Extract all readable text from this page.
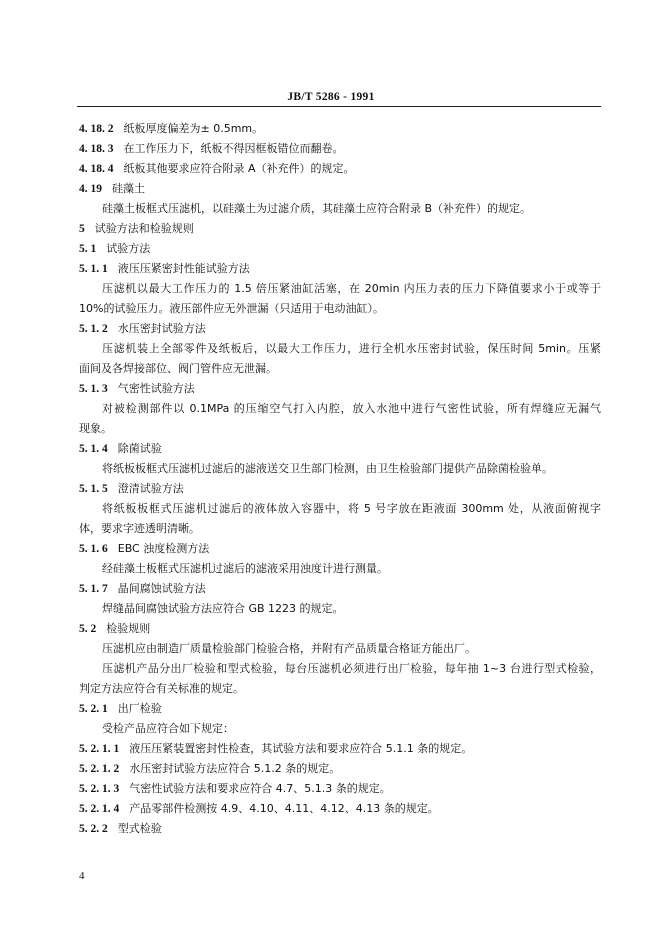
JB/T 5286 - 1991
4. 18. 2 纸板厚度偏差为± 0.5mm。
4. 18. 3 在工作压力下，纸板不得因框板错位而翻卷。
4. 18. 4 纸板其他要求应符合附录 A（补充件）的规定。
4. 19 硅藻土
硅藻土板框式压滤机，以硅藻土为过滤介质，其硅藻土应符合附录 B（补充件）的规定。
5 试验方法和检验规则
5. 1 试验方法
5. 1. 1 液压压紧密封性能试验方法
压滤机以最大工作压力的 1.5 倍压紧油缸活塞，在 20min 内压力表的压力下降值要求小于或等于
10%的试验压力。液压部件应无外泄漏（只适用于电动油缸）。
5. 1. 2 水压密封试验方法
压滤机装上全部零件及纸板后，以最大工作压力，进行全机水压密封试验，保压时间 5min。压紧
面间及各焊接部位、阀门管件应无泄漏。
5. 1. 3 气密性试验方法
对被检测部件以 0.1MPa 的压缩空气打入内腔，放入水池中进行气密性试验，所有焊缝应无漏气
现象。
5. 1. 4 除菌试验
将纸板板框式压滤机过滤后的滤液送交卫生部门检测，由卫生检验部门提供产品除菌检验单。
5. 1. 5 澄清试验方法
将纸板板框式压滤机过滤后的液体放入容器中，将 5 号字放在距液面 300mm 处，从液面俯视字
体，要求字迹透明清晰。
5. 1. 6 EBC 浊度检测方法
经硅藻土板框式压滤机过滤后的滤液采用浊度计进行测量。
5. 1. 7 晶间腐蚀试验方法
焊缝晶间腐蚀试验方法应符合 GB 1223 的规定。
5. 2 检验规则
压滤机应由制造厂质量检验部门检验合格，并附有产品质量合格证方能出厂。
压滤机产品分出厂检验和型式检验，每台压滤机必须进行出厂检验，每年抽 1~3 台进行型式检验，
判定方法应符合有关标准的规定。
5. 2. 1 出厂检验
受检产品应符合如下规定：
5. 2. 1. 1 液压压紧装置密封性检查，其试验方法和要求应符合 5.1.1 条的规定。
5. 2. 1. 2 水压密封试验方法应符合 5.1.2 条的规定。
5. 2. 1. 3 气密性试验方法和要求应符合 4.7、5.1.3 条的规定。
5. 2. 1. 4 产品零部件检测按 4.9、4.10、4.11、4.12、4.13 条的规定。
5. 2. 2 型式检验
4
